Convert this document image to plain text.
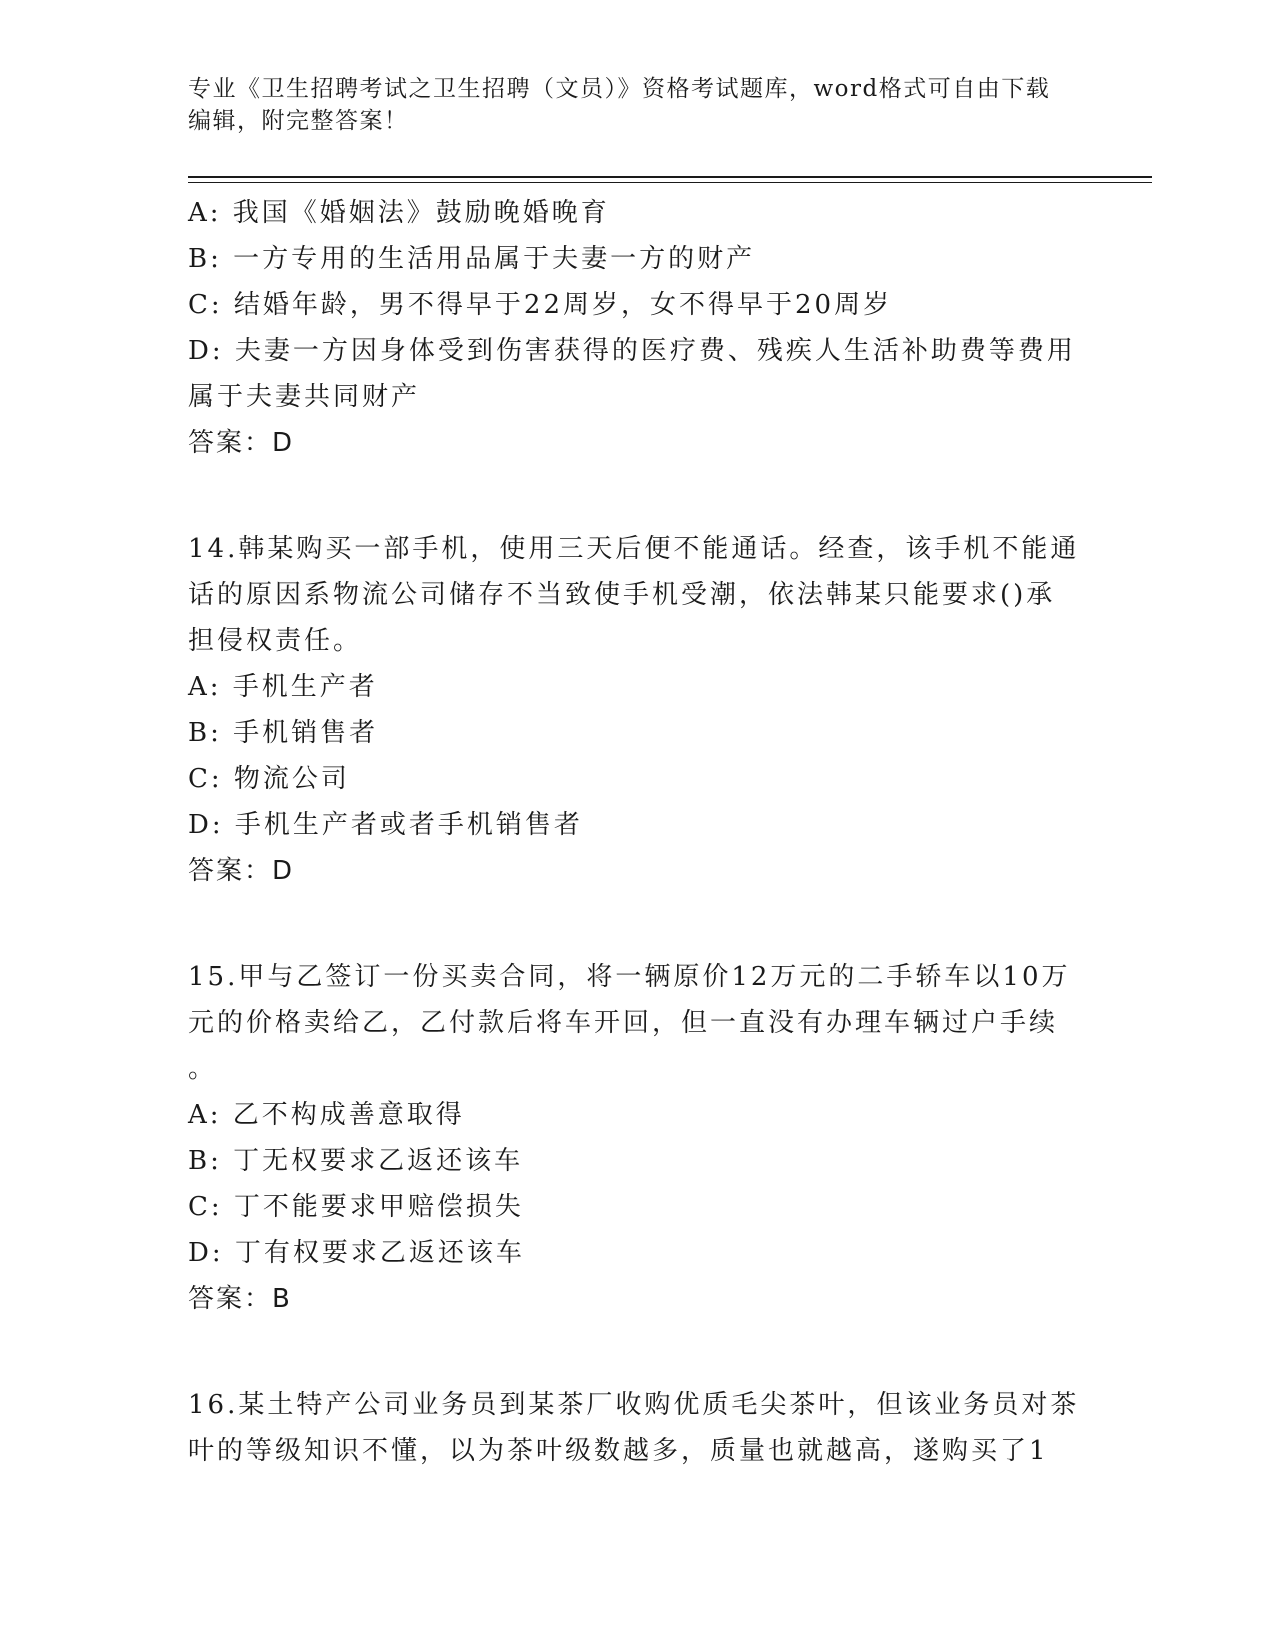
专业《卫生招聘考试之卫生招聘（文员）》资格考试题库，word格式可自由下载
编辑，附完整答案！
A: 我国《婚姻法》鼓励晚婚晚育
B: 一方专用的生活用品属于夫妻一方的财产
C: 结婚年龄，男不得早于22周岁，女不得早于20周岁
D: 夫妻一方因身体受到伤害获得的医疗费、残疾人生活补助费等费用
属于夫妻共同财产
答案：D
14.韩某购买一部手机，使用三天后便不能通话。经查，该手机不能通
话的原因系物流公司储存不当致使手机受潮，依法韩某只能要求()承
担侵权责任。
A: 手机生产者
B: 手机销售者
C: 物流公司
D: 手机生产者或者手机销售者
答案：D
15.甲与乙签订一份买卖合同，将一辆原价12万元的二手轿车以10万
元的价格卖给乙，乙付款后将车开回，但一直没有办理车辆过户手续
。
A: 乙不构成善意取得
B: 丁无权要求乙返还该车
C: 丁不能要求甲赔偿损失
D: 丁有权要求乙返还该车
答案：B
16.某土特产公司业务员到某茶厂收购优质毛尖茶叶，但该业务员对茶
叶的等级知识不懂，以为茶叶级数越多，质量也就越高，遂购买了1
